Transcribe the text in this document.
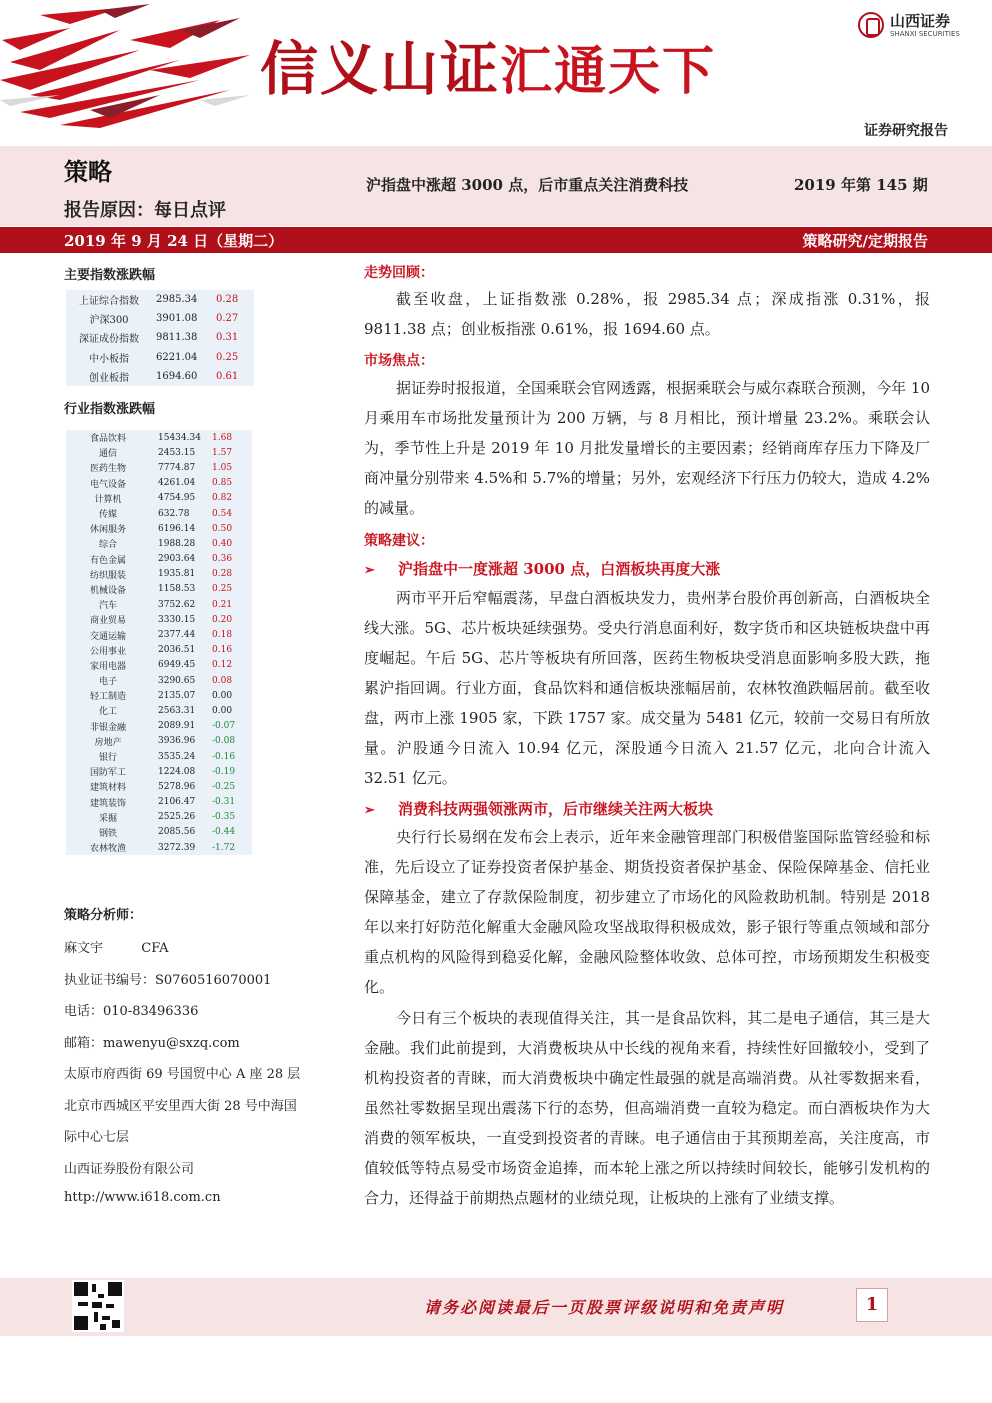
信义山证汇通天下
山西证券
SHANXI SECURITIES
证券研究报告
策略
报告原因：每日点评
沪指盘中涨超 3000 点，后市重点关注消费科技	2019 年第 145 期
2019 年 9 月 24 日（星期二）	策略研究/定期报告
主要指数涨跌幅
上证综合指数	2985.34	0.28
沪深300	3901.08	0.27
深证成份指数	9811.38	0.31
中小板指	6221.04	0.25
创业板指	1694.60	0.61
行业指数涨跌幅
食品饮料	15434.34	1.68
通信	2453.15	1.57
医药生物	7774.87	1.05
电气设备	4261.04	0.85
计算机	4754.95	0.82
传媒	632.78	0.54
休闲服务	6196.14	0.50
综合	1988.28	0.40
有色金属	2903.64	0.36
纺织服装	1935.81	0.28
机械设备	1158.53	0.25
汽车	3752.62	0.21
商业贸易	3330.15	0.20
交通运输	2377.44	0.18
公用事业	2036.51	0.16
家用电器	6949.45	0.12
电子	3290.65	0.08
轻工制造	2135.07	0.00
化工	2563.31	0.00
非银金融	2089.91	-0.07
房地产	3936.96	-0.08
银行	3535.24	-0.16
国防军工	1224.08	-0.19
建筑材料	5278.96	-0.25
建筑装饰	2106.47	-0.31
采掘	2525.26	-0.35
钢铁	2085.56	-0.44
农林牧渔	3272.39	-1.72
策略分析师：
麻文宇	CFA
执业证书编号：S0760516070001
电话：010-83496336
邮箱：mawenyu@sxzq.com
太原市府西街 69 号国贸中心 A 座 28 层
北京市西城区平安里西大街 28 号中海国
际中心七层
山西证券股份有限公司
http://www.i618.com.cn
走势回顾：
截至收盘，上证指数涨 0.28%，报 2985.34 点；深成指涨 0.31%，报 9811.38 点；创业板指涨 0.61%，报 1694.60 点。
市场焦点：
据证券时报报道，全国乘联会官网透露，根据乘联会与威尔森联合预测，今年 10 月乘用车市场批发量预计为 200 万辆，与 8 月相比，预计增量 23.2%。乘联会认为，季节性上升是 2019 年 10 月批发量增长的主要因素；经销商库存压力下降及厂商冲量分别带来 4.5%和 5.7%的增量；另外，宏观经济下行压力仍较大，造成 4.2%的减量。
策略建议：
➢ 沪指盘中一度涨超 3000 点，白酒板块再度大涨
两市平开后窄幅震荡，早盘白酒板块发力，贵州茅台股价再创新高，白酒板块全线大涨。5G、芯片板块延续强势。受央行消息面利好，数字货币和区块链板块盘中再度崛起。午后 5G、芯片等板块有所回落，医药生物板块受消息面影响多股大跌，拖累沪指回调。行业方面，食品饮料和通信板块涨幅居前，农林牧渔跌幅居前。截至收盘，两市上涨 1905 家，下跌 1757 家。成交量为 5481 亿元，较前一交易日有所放量。沪股通今日流入 10.94 亿元，深股通今日流入 21.57 亿元，北向合计流入 32.51 亿元。
➢ 消费科技两强领涨两市，后市继续关注两大板块
央行行长易纲在发布会上表示，近年来金融管理部门积极借鉴国际监管经验和标准，先后设立了证券投资者保护基金、期货投资者保护基金、保险保障基金、信托业保障基金，建立了存款保险制度，初步建立了市场化的风险救助机制。特别是 2018 年以来打好防范化解重大金融风险攻坚战取得积极成效，影子银行等重点领域和部分重点机构的风险得到稳妥化解，金融风险整体收敛、总体可控，市场预期发生积极变化。
今日有三个板块的表现值得关注，其一是食品饮料，其二是电子通信，其三是大金融。我们此前提到，大消费板块从中长线的视角来看，持续性好回撤较小，受到了机构投资者的青睐，而大消费板块中确定性最强的就是高端消费。从社零数据来看，虽然社零数据呈现出震荡下行的态势，但高端消费一直较为稳定。而白酒板块作为大消费的领军板块，一直受到投资者的青睐。电子通信由于其预期差高，关注度高，市值较低等特点易受市场资金追捧，而本轮上涨之所以持续时间较长，能够引发机构的合力，还得益于前期热点题材的业绩兑现，让板块的上涨有了业绩支撑。
请务必阅读最后一页股票评级说明和免责声明	1
